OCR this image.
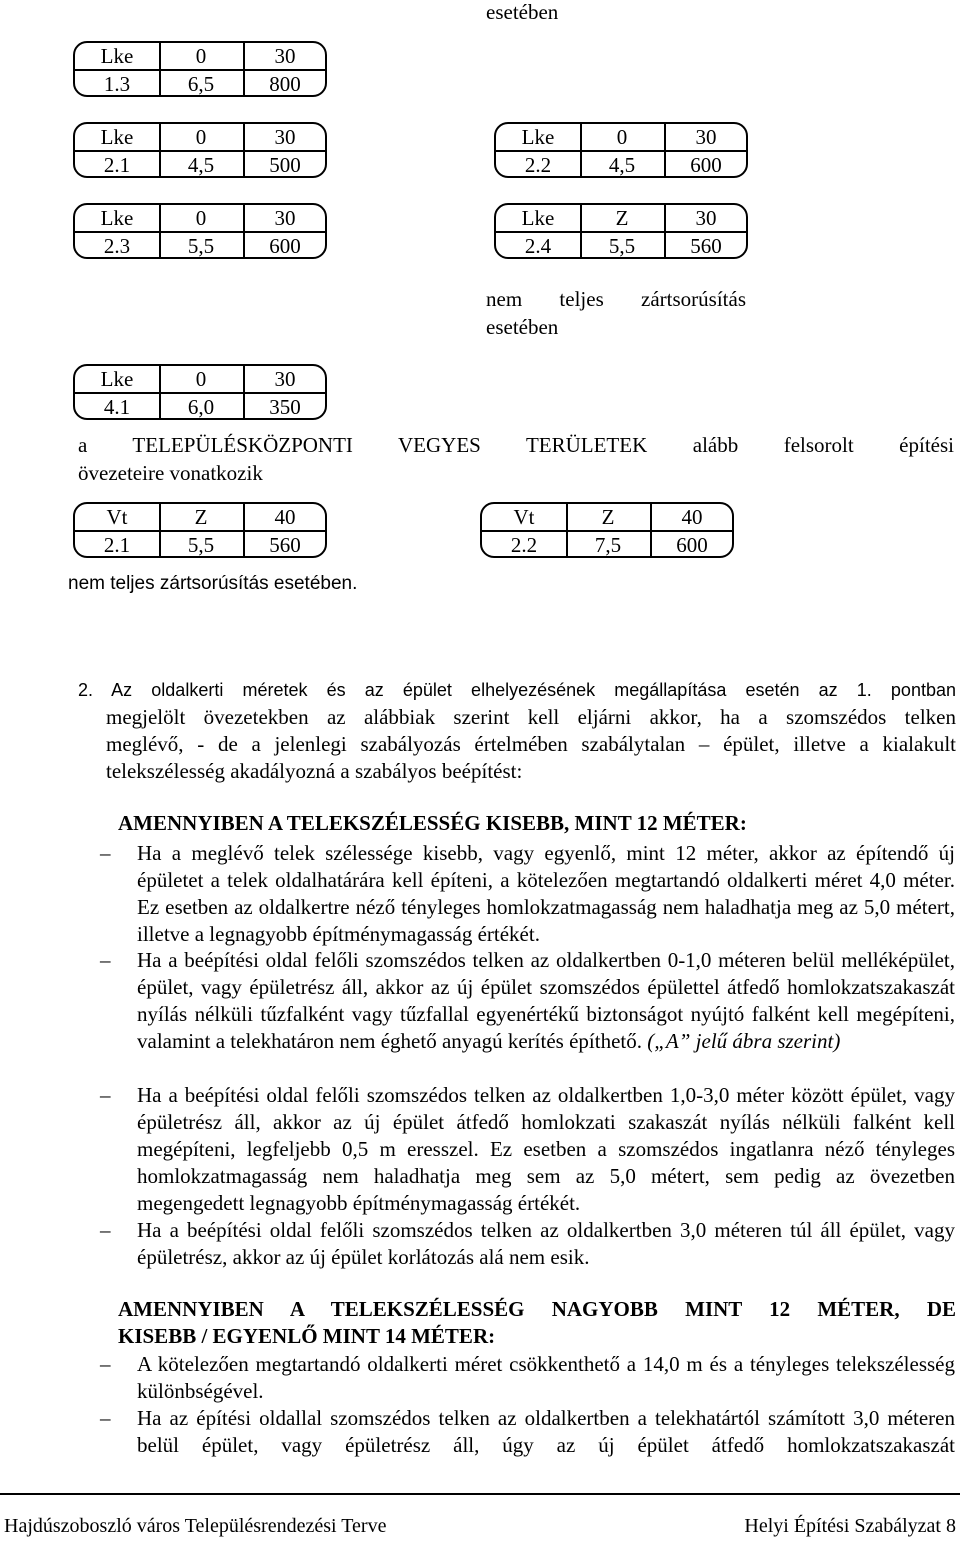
esetében
Lke	0	30
1.3	6,5	800
Lke	0	30
2.1	4,5	500
Lke	0	30
2.2	4,5	600
Lke	0	30
2.3	5,5	600
Lke	Z	30
2.4	5,5	560
nem teljes zártsorúsítás
esetében
Lke	0	30
4.1	6,0	350
a TELEPÜLÉSKÖZPONTI VEGYES TERÜLETEK alább felsorolt építési
övezeteire vonatkozik
Vt	Z	40
2.1	5,5	560
Vt	Z	40
2.2	7,5	600
nem teljes zártsorúsítás esetében.
2. Az oldalkerti méretek és az épület elhelyezésének megállapítása esetén az 1. pontban
megjelölt övezetekben az alábbiak szerint kell eljárni akkor, ha a szomszédos telken
meglévő, - de a jelenlegi szabályozás értelmében szabálytalan – épület, illetve a kialakult
telekszélesség akadályozná a szabályos beépítést:
AMENNYIBEN A TELEKSZÉLESSÉG KISEBB, MINT 12 MÉTER:
–	Ha a meglévő telek szélessége kisebb, vagy egyenlő, mint 12 méter, akkor az építendő új épületet a telek oldalhatárára kell építeni, a kötelezően megtartandó oldalkerti méret 4,0 méter. Ez esetben az oldalkertre néző tényleges homlokzatmagasság nem haladhatja meg az 5,0 métert, illetve a legnagyobb építménymagasság értékét.
–	Ha a beépítési oldal felőli szomszédos telken az oldalkertben 0-1,0 méteren belül melléképület, épület, vagy épületrész áll, akkor az új épület szomszédos épülettel átfedő homlokzatszakaszát nyílás nélküli tűzfalként vagy tűzfallal egyenértékű biztonságot nyújtó falként kell megépíteni, valamint a telekhatáron nem éghető anyagú kerítés építhető. („A” jelű ábra szerint)
–	Ha a beépítési oldal felőli szomszédos telken az oldalkertben 1,0-3,0 méter között épület, vagy épületrész áll, akkor az új épület átfedő homlokzati szakaszát nyílás nélküli falként kell megépíteni, legfeljebb 0,5 m eresszel. Ez esetben a szomszédos ingatlanra néző tényleges homlokzatmagasság nem haladhatja meg sem az 5,0 métert, sem pedig az övezetben megengedett legnagyobb építménymagasság értékét.
–	Ha a beépítési oldal felőli szomszédos telken az oldalkertben 3,0 méteren túl áll épület, vagy épületrész, akkor az új épület korlátozás alá nem esik.
AMENNYIBEN A TELEKSZÉLESSÉG NAGYOBB MINT 12 MÉTER, DE
KISEBB / EGYENLŐ MINT 14 MÉTER:
–	A kötelezően megtartandó oldalkerti méret csökkenthető a 14,0 m és a tényleges telekszélesség különbségével.
–	Ha az építési oldallal szomszédos telken az oldalkertben a telekhatártól számított 3,0 méteren belül épület, vagy épületrész áll, úgy az új épület átfedő homlokzatszakaszát
Hajdúszoboszló város Településrendezési Terve	Helyi Építési Szabályzat 8
